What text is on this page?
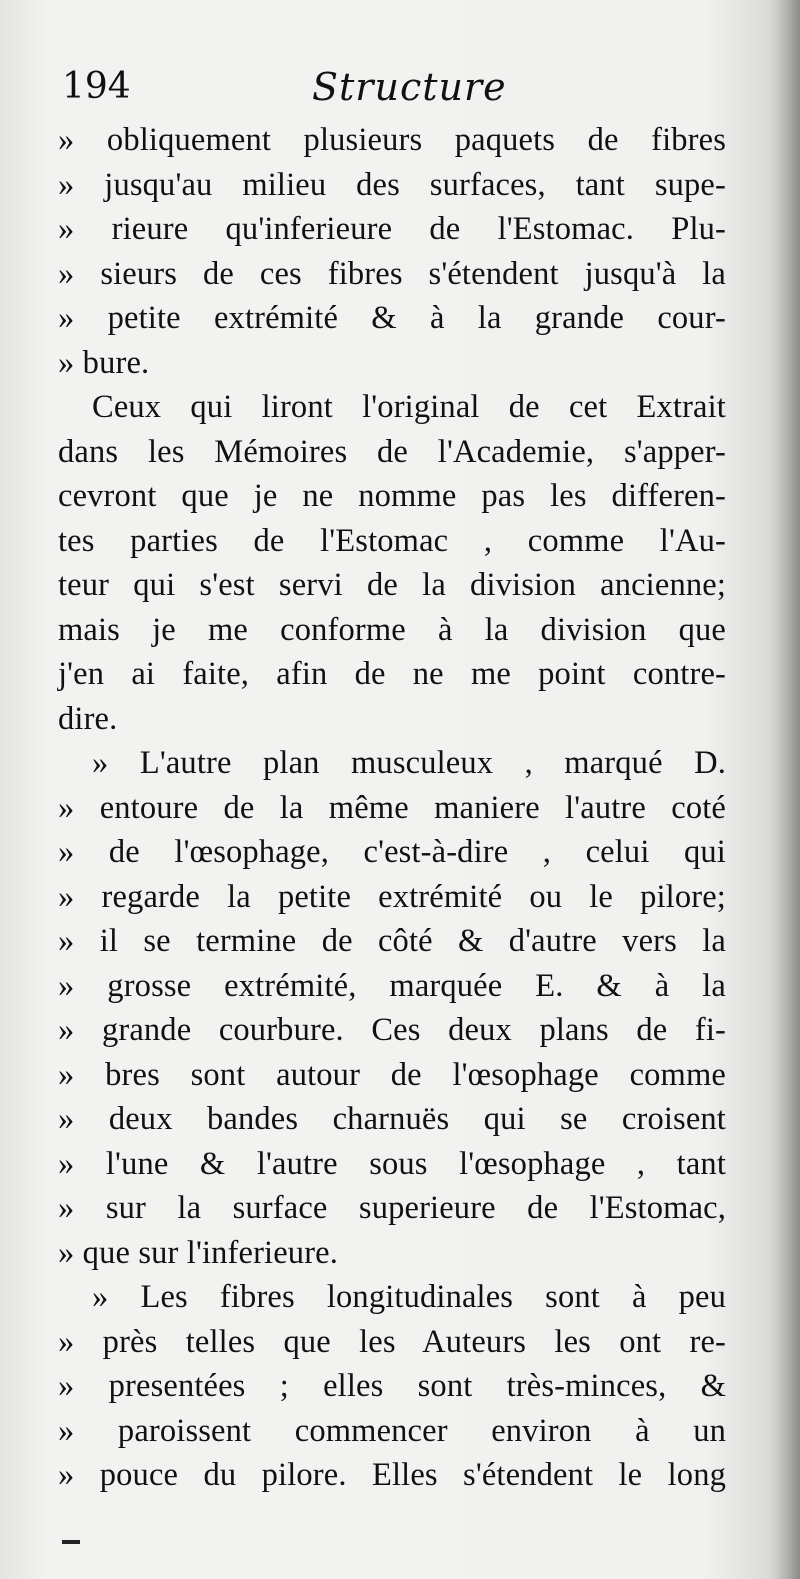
194	Structure
» obliquement plusieurs paquets de fibres
» jusqu'au milieu des surfaces, tant supe-
» rieure qu'inferieure de l'Estomac. Plu-
» sieurs de ces fibres s'étendent jusqu'à la
» petite extrémité & à la grande cour-
» bure.
Ceux qui liront l'original de cet Extrait
dans les Mémoires de l'Academie, s'apper-
cevront que je ne nomme pas les differen-
tes parties de l'Estomac , comme l'Au-
teur qui s'est servi de la division ancienne;
mais je me conforme à la division que
j'en ai faite, afin de ne me point contre-
dire.
» L'autre plan musculeux , marqué D.
» entoure de la même maniere l'autre coté
» de l'œsophage, c'est-à-dire , celui qui
» regarde la petite extrémité ou le pilore;
» il se termine de côté & d'autre vers la
» grosse extrémité, marquée E. & à la
» grande courbure. Ces deux plans de fi-
» bres sont autour de l'œsophage comme
» deux bandes charnuës qui se croisent
» l'une & l'autre sous l'œsophage , tant
» sur la surface superieure de l'Estomac,
» que sur l'inferieure.
» Les fibres longitudinales sont à peu
» près telles que les Auteurs les ont re-
» presentées ; elles sont très-minces, &
» paroissent commencer environ à un
» pouce du pilore. Elles s'étendent le long
